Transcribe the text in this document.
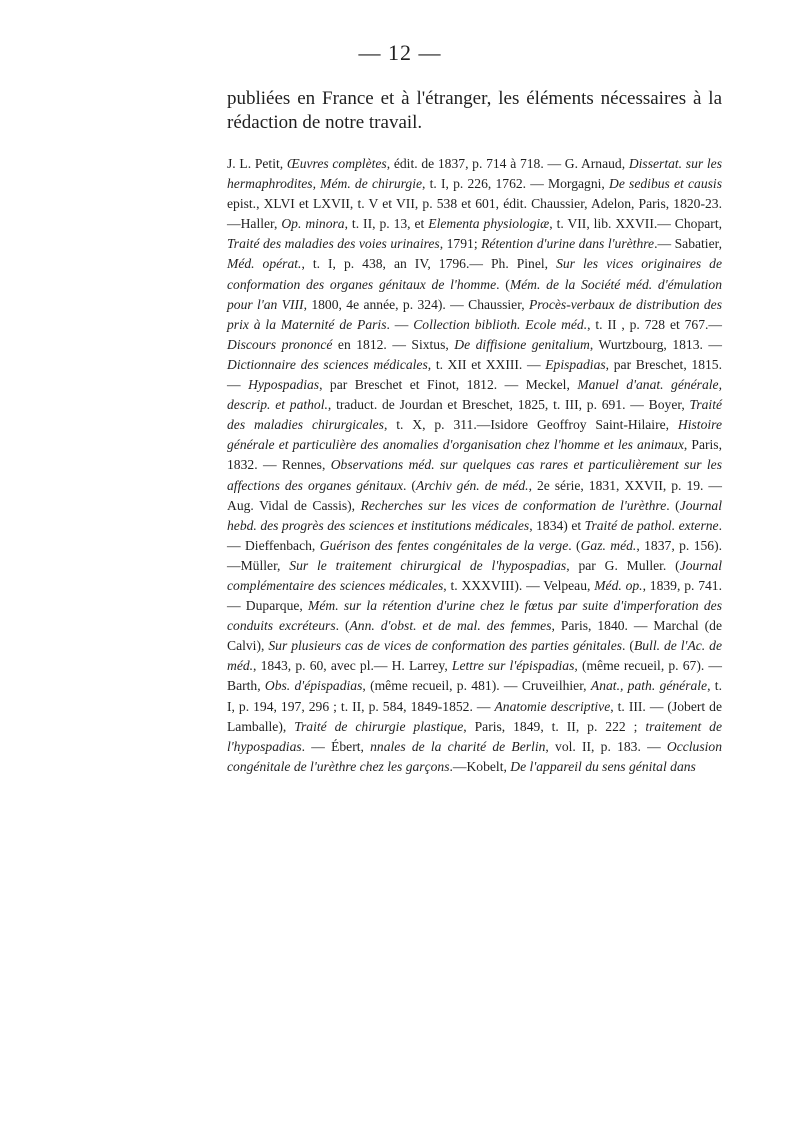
— 12 —

publiées en France et à l'étranger, les éléments nécessaires à la rédaction de notre travail.

J. L. Petit, Œuvres complètes, édit. de 1837, p. 714 à 718. — G. Arnaud, Dissertat. sur les hermaphrodites, Mém. de chirurgie, t. I, p. 226, 1762. — Morgagni, De sedibus et causis epist., XLVI et LXVII, t. V et VII, p. 538 et 601, édit. Chaussier, Adelon, Paris, 1820-23.—Haller, Op. minora, t. II, p. 13, et Elementa physiologiæ, t. VII, lib. XXVII.— Chopart, Traité des maladies des voies urinaires, 1791; Rétention d'urine dans l'urèthre.— Sabatier, Méd. opérat., t. I, p. 438, an IV, 1796.— Ph. Pinel, Sur les vices originaires de conformation des organes génitaux de l'homme. (Mém. de la Société méd. d'émulation pour l'an VIII, 1800, 4e année, p. 324). — Chaussier, Procès-verbaux de distribution des prix à la Maternité de Paris. — Collection biblioth. Ecole méd., t. II , p. 728 et 767.— Discours prononcé en 1812. — Sixtus, De diffisione genitalium, Wurtzbourg, 1813. — Dictionnaire des sciences médicales, t. XII et XXIII. — Epispadias, par Breschet, 1815. — Hypospadias, par Breschet et Finot, 1812. — Meckel, Manuel d'anat. générale, descrip. et pathol., traduct. de Jourdan et Breschet, 1825, t. III, p. 691. — Boyer, Traité des maladies chirurgicales, t. X, p. 311.—Isidore Geoffroy Saint-Hilaire, Histoire générale et particulière des anomalies d'organisation chez l'homme et les animaux, Paris, 1832. — Rennes, Observations méd. sur quelques cas rares et particulièrement sur les affections des organes génitaux. (Archiv gén. de méd., 2e série, 1831, XXVII, p. 19. — Aug. Vidal de Cassis), Recherches sur les vices de conformation de l'urèthre. (Journal hebd. des progrès des sciences et institutions médicales, 1834) et Traité de pathol. externe. — Dieffenbach, Guérison des fentes congénitales de la verge. (Gaz. méd., 1837, p. 156).—Müller, Sur le traitement chirurgical de l'hypospadias, par G. Muller. (Journal complémentaire des sciences médicales, t. XXXVIII). — Velpeau, Méd. op., 1839, p. 741. — Duparque, Mém. sur la rétention d'urine chez le fœtus par suite d'imperforation des conduits excréteurs. (Ann. d'obst. et de mal. des femmes, Paris, 1840. — Marchal (de Calvi), Sur plusieurs cas de vices de conformation des parties génitales. (Bull. de l'Ac. de méd., 1843, p. 60, avec pl.— H. Larrey, Lettre sur l'épispadias, (même recueil, p. 67). — Barth, Obs. d'épispadias, (même recueil, p. 481). — Cruveilhier, Anat., path. générale, t. I, p. 194, 197, 296 ; t. II, p. 584, 1849-1852. — Anatomie descriptive, t. III. — (Jobert de Lamballe), Traité de chirurgie plastique, Paris, 1849, t. II, p. 222 ; traitement de l'hypospadias. — Ébert, nnales de la charité de Berlin, vol. II, p. 183. — Occlusion congénitale de l'urèthre chez les garçons.—Kobelt, De l'appareil du sens génital dans
